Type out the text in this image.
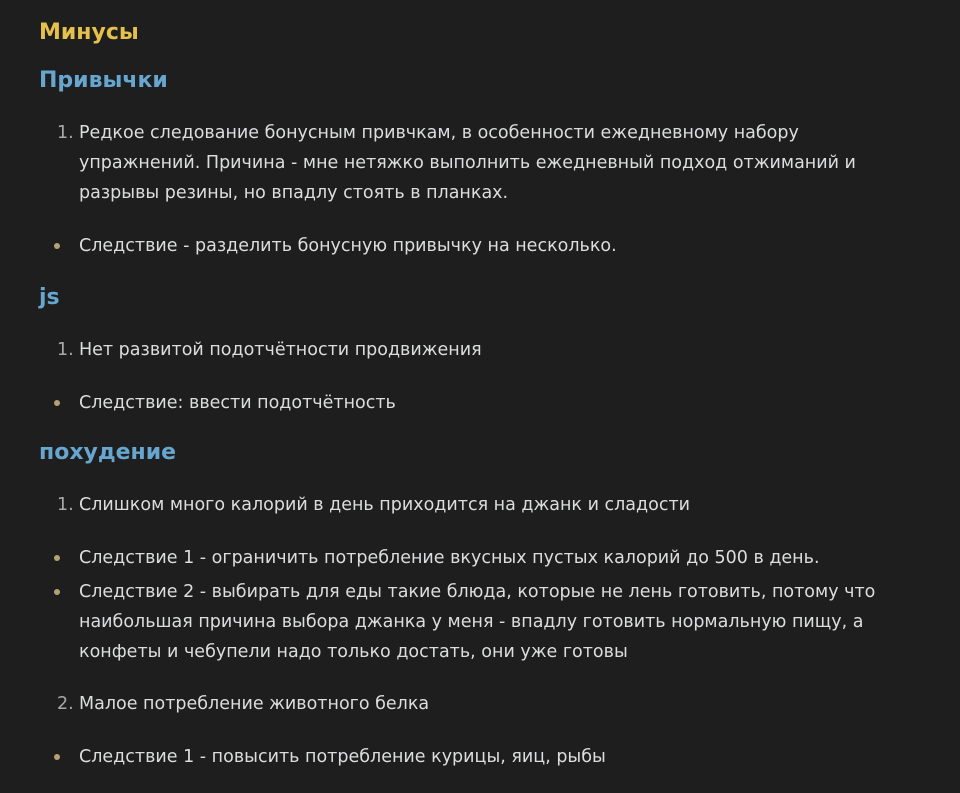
Минусы
Привычки
1. Редкое следование бонусным привчкам, в особенности ежедневному набору
упражнений. Причина - мне нетяжко выполнить ежедневный подход отжиманий и
разрывы резины, но впадлу стоять в планках.
Следствие - разделить бонусную привычку на несколько.
js
1. Нет развитой подотчётности продвижения
Следствие: ввести подотчётность
похудение
1. Слишком много калорий в день приходится на джанк и сладости
Следствие 1 - ограничить потребление вкусных пустых калорий до 500 в день.
Следствие 2 - выбирать для еды такие блюда, которые не лень готовить, потому что
наибольшая причина выбора джанка у меня - впадлу готовить нормальную пищу, а
конфеты и чебупели надо только достать, они уже готовы
2. Малое потребление животного белка
Следствие 1 - повысить потребление курицы, яиц, рыбы
